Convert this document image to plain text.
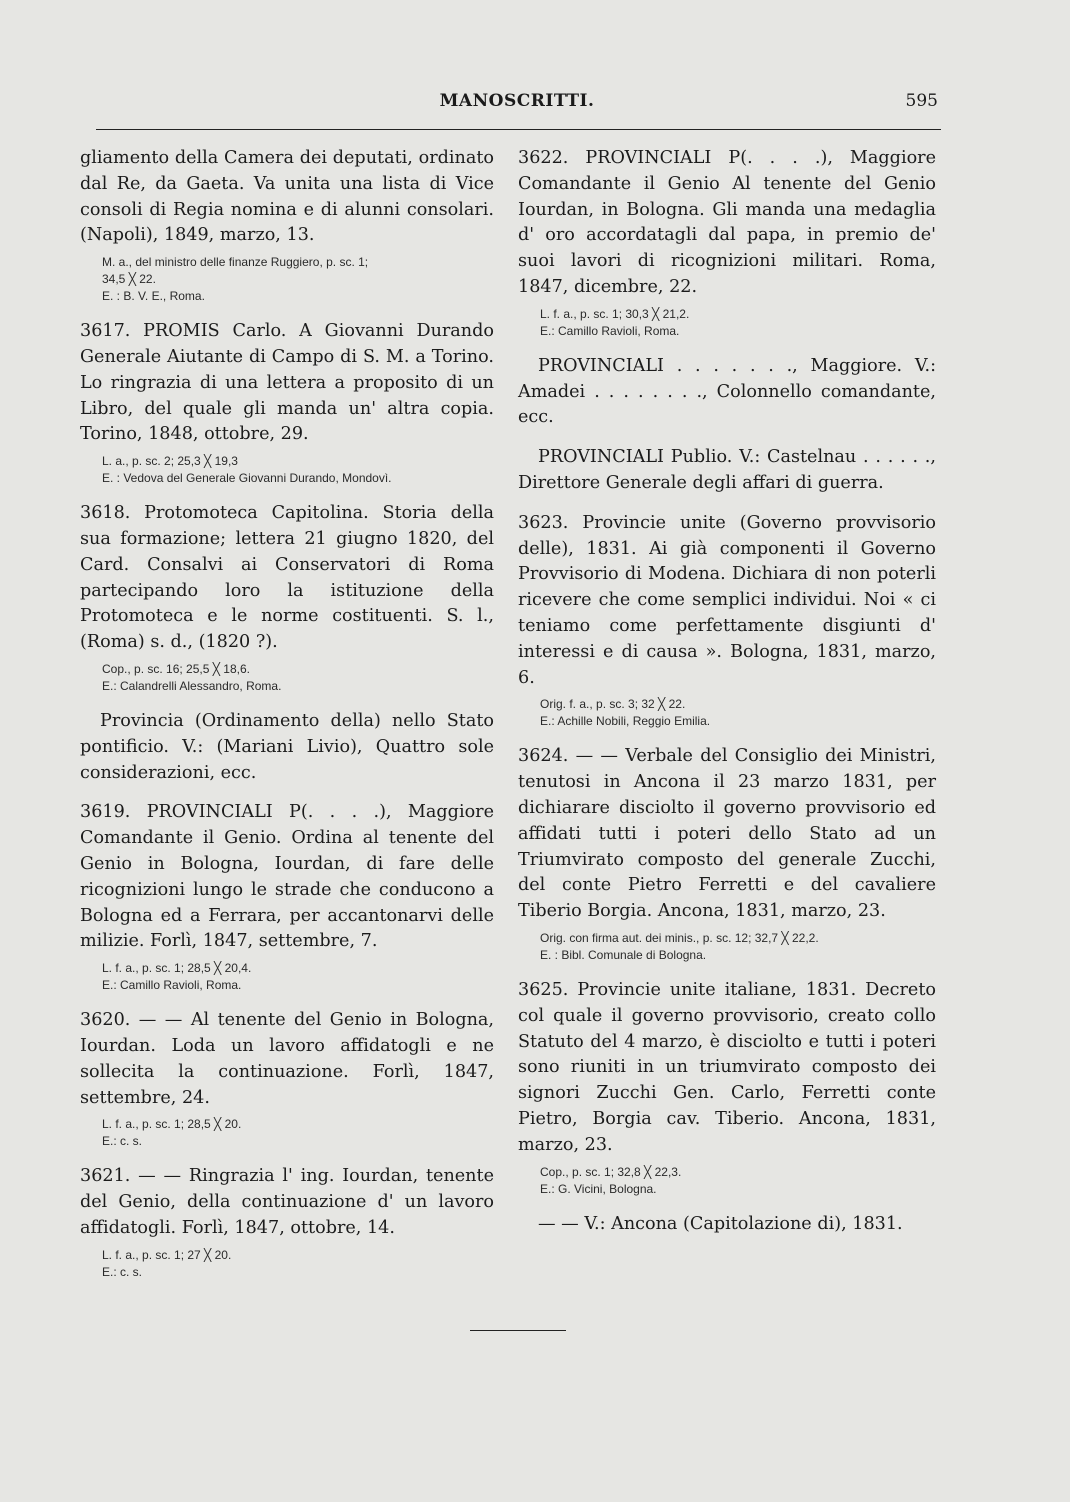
MANOSCRITTI.	595

gliamento della Camera dei deputati, ordinato dal Re, da Gaeta. Va unita una lista di Vice consoli di Regia nomina e di alunni consolari. (Napoli), 1849, marzo, 13.

M. a., del ministro delle finanze Ruggiero, p. sc. 1;
34,5 ╳ 22.
E. : B. V. E., Roma.

3617. PROMIS Carlo. A Giovanni Durando Generale Aiutante di Campo di S. M. a Torino. Lo ringrazia di una lettera a proposito di un Libro, del quale gli manda un' altra copia. Torino, 1848, ottobre, 29.

L. a., p. sc. 2; 25,3 ╳ 19,3
E. : Vedova del Generale Giovanni Durando, Mondovì.

3618. Protomoteca Capitolina. Storia della sua formazione; lettera 21 giugno 1820, del Card. Consalvi ai Conservatori di Roma partecipando loro la istituzione della Protomoteca e le norme costituenti. S. l., (Roma) s. d., (1820 ?).

Cop., p. sc. 16; 25,5 ╳ 18,6.
E.: Calandrelli Alessandro, Roma.

Provincia (Ordinamento della) nello Stato pontificio. V.: (Mariani Livio), Quattro sole considerazioni, ecc.

3619. PROVINCIALI P(. . . .), Maggiore Comandante il Genio. Ordina al tenente del Genio in Bologna, Iourdan, di fare delle ricognizioni lungo le strade che conducono a Bologna ed a Ferrara, per accantonarvi delle milizie. Forlì, 1847, settembre, 7.

L. f. a., p. sc. 1; 28,5 ╳ 20,4.
E.: Camillo Ravioli, Roma.

3620. — — Al tenente del Genio in Bologna, Iourdan. Loda un lavoro affidatogli e ne sollecita la continuazione. Forlì, 1847, settembre, 24.

L. f. a., p. sc. 1; 28,5 ╳ 20.
E.: c. s.

3621. — — Ringrazia l' ing. Iourdan, tenente del Genio, della continuazione d' un lavoro affidatogli. Forlì, 1847, ottobre, 14.

L. f. a., p. sc. 1; 27 ╳ 20.
E.: c. s.

3622. PROVINCIALI P(. . . .), Maggiore Comandante il Genio Al tenente del Genio Iourdan, in Bologna. Gli manda una medaglia d' oro accordatagli dal papa, in premio de' suoi lavori di ricognizioni militari. Roma, 1847, dicembre, 22.

L. f. a., p. sc. 1; 30,3 ╳ 21,2.
E.: Camillo Ravioli, Roma.

PROVINCIALI . . . . . . ., Maggiore. V.: Amadei . . . . . . . ., Colonnello comandante, ecc.

PROVINCIALI Publio. V.: Castelnau . . . . . ., Direttore Generale degli affari di guerra.

3623. Provincie unite (Governo provvisorio delle), 1831. Ai già componenti il Governo Provvisorio di Modena. Dichiara di non poterli ricevere che come semplici individui. Noi « ci teniamo come perfettamente disgiunti d' interessi e di causa ». Bologna, 1831, marzo, 6.

Orig. f. a., p. sc. 3; 32 ╳ 22.
E.: Achille Nobili, Reggio Emilia.

3624. — — Verbale del Consiglio dei Ministri, tenutosi in Ancona il 23 marzo 1831, per dichiarare disciolto il governo provvisorio ed affidati tutti i poteri dello Stato ad un Triumvirato composto del generale Zucchi, del conte Pietro Ferretti e del cavaliere Tiberio Borgia. Ancona, 1831, marzo, 23.

Orig. con firma aut. dei minis., p. sc. 12; 32,7 ╳ 22,2.
E. : Bibl. Comunale di Bologna.

3625. Provincie unite italiane, 1831. Decreto col quale il governo provvisorio, creato collo Statuto del 4 marzo, è disciolto e tutti i poteri sono riuniti in un triumvirato composto dei signori Zucchi Gen. Carlo, Ferretti conte Pietro, Borgia cav. Tiberio. Ancona, 1831, marzo, 23.

Cop., p. sc. 1; 32,8 ╳ 22,3.
E.: G. Vicini, Bologna.

— — V.: Ancona (Capitolazione di), 1831.
